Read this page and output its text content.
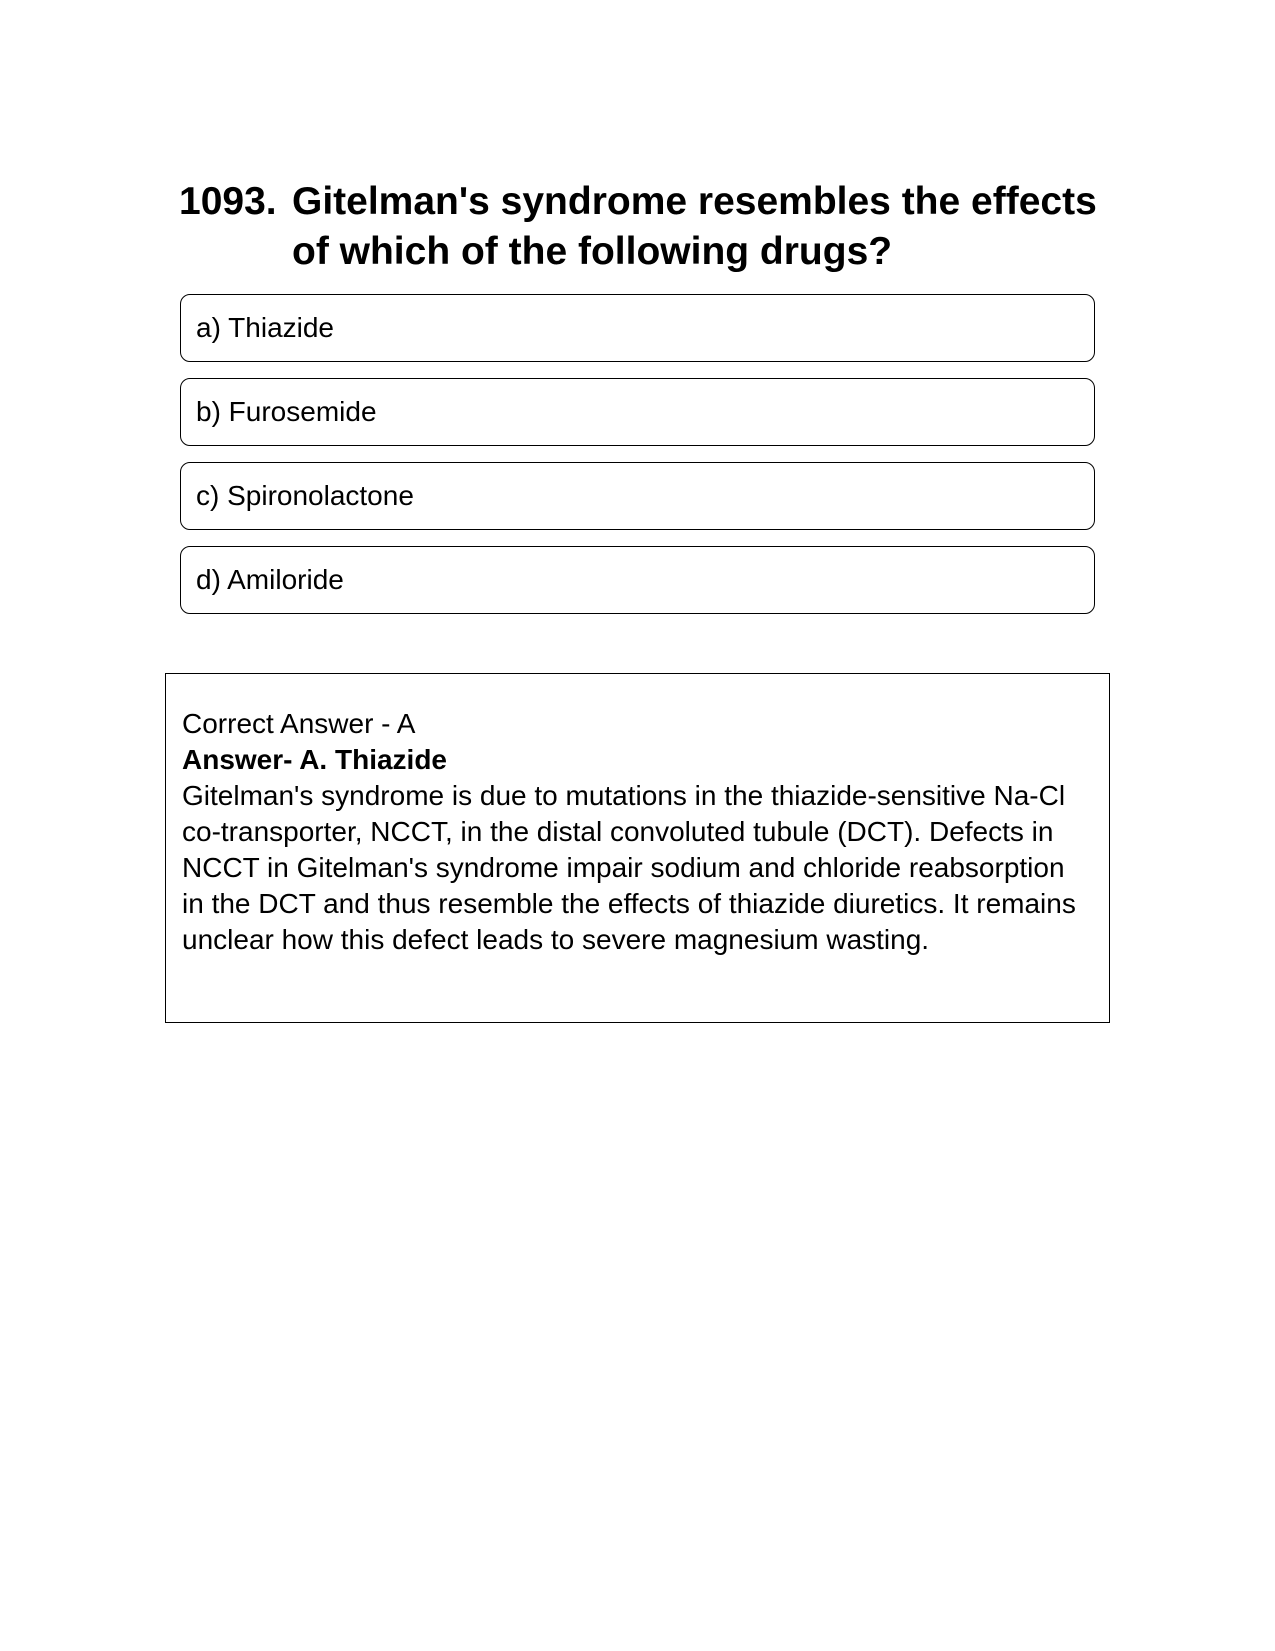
1093. Gitelman's syndrome resembles the effects of which of the following drugs?
a) Thiazide
b) Furosemide
c) Spironolactone
d) Amiloride

Correct Answer - A

Answer- A. Thiazide

Gitelman's syndrome is due to mutations in the thiazide-sensitive Na-Cl co-transporter, NCCT, in the distal convoluted tubule (DCT). Defects in NCCT in Gitelman's syndrome impair sodium and chloride reabsorption in the DCT and thus resemble the effects of thiazide diuretics. It remains unclear how this defect leads to severe magnesium wasting.
